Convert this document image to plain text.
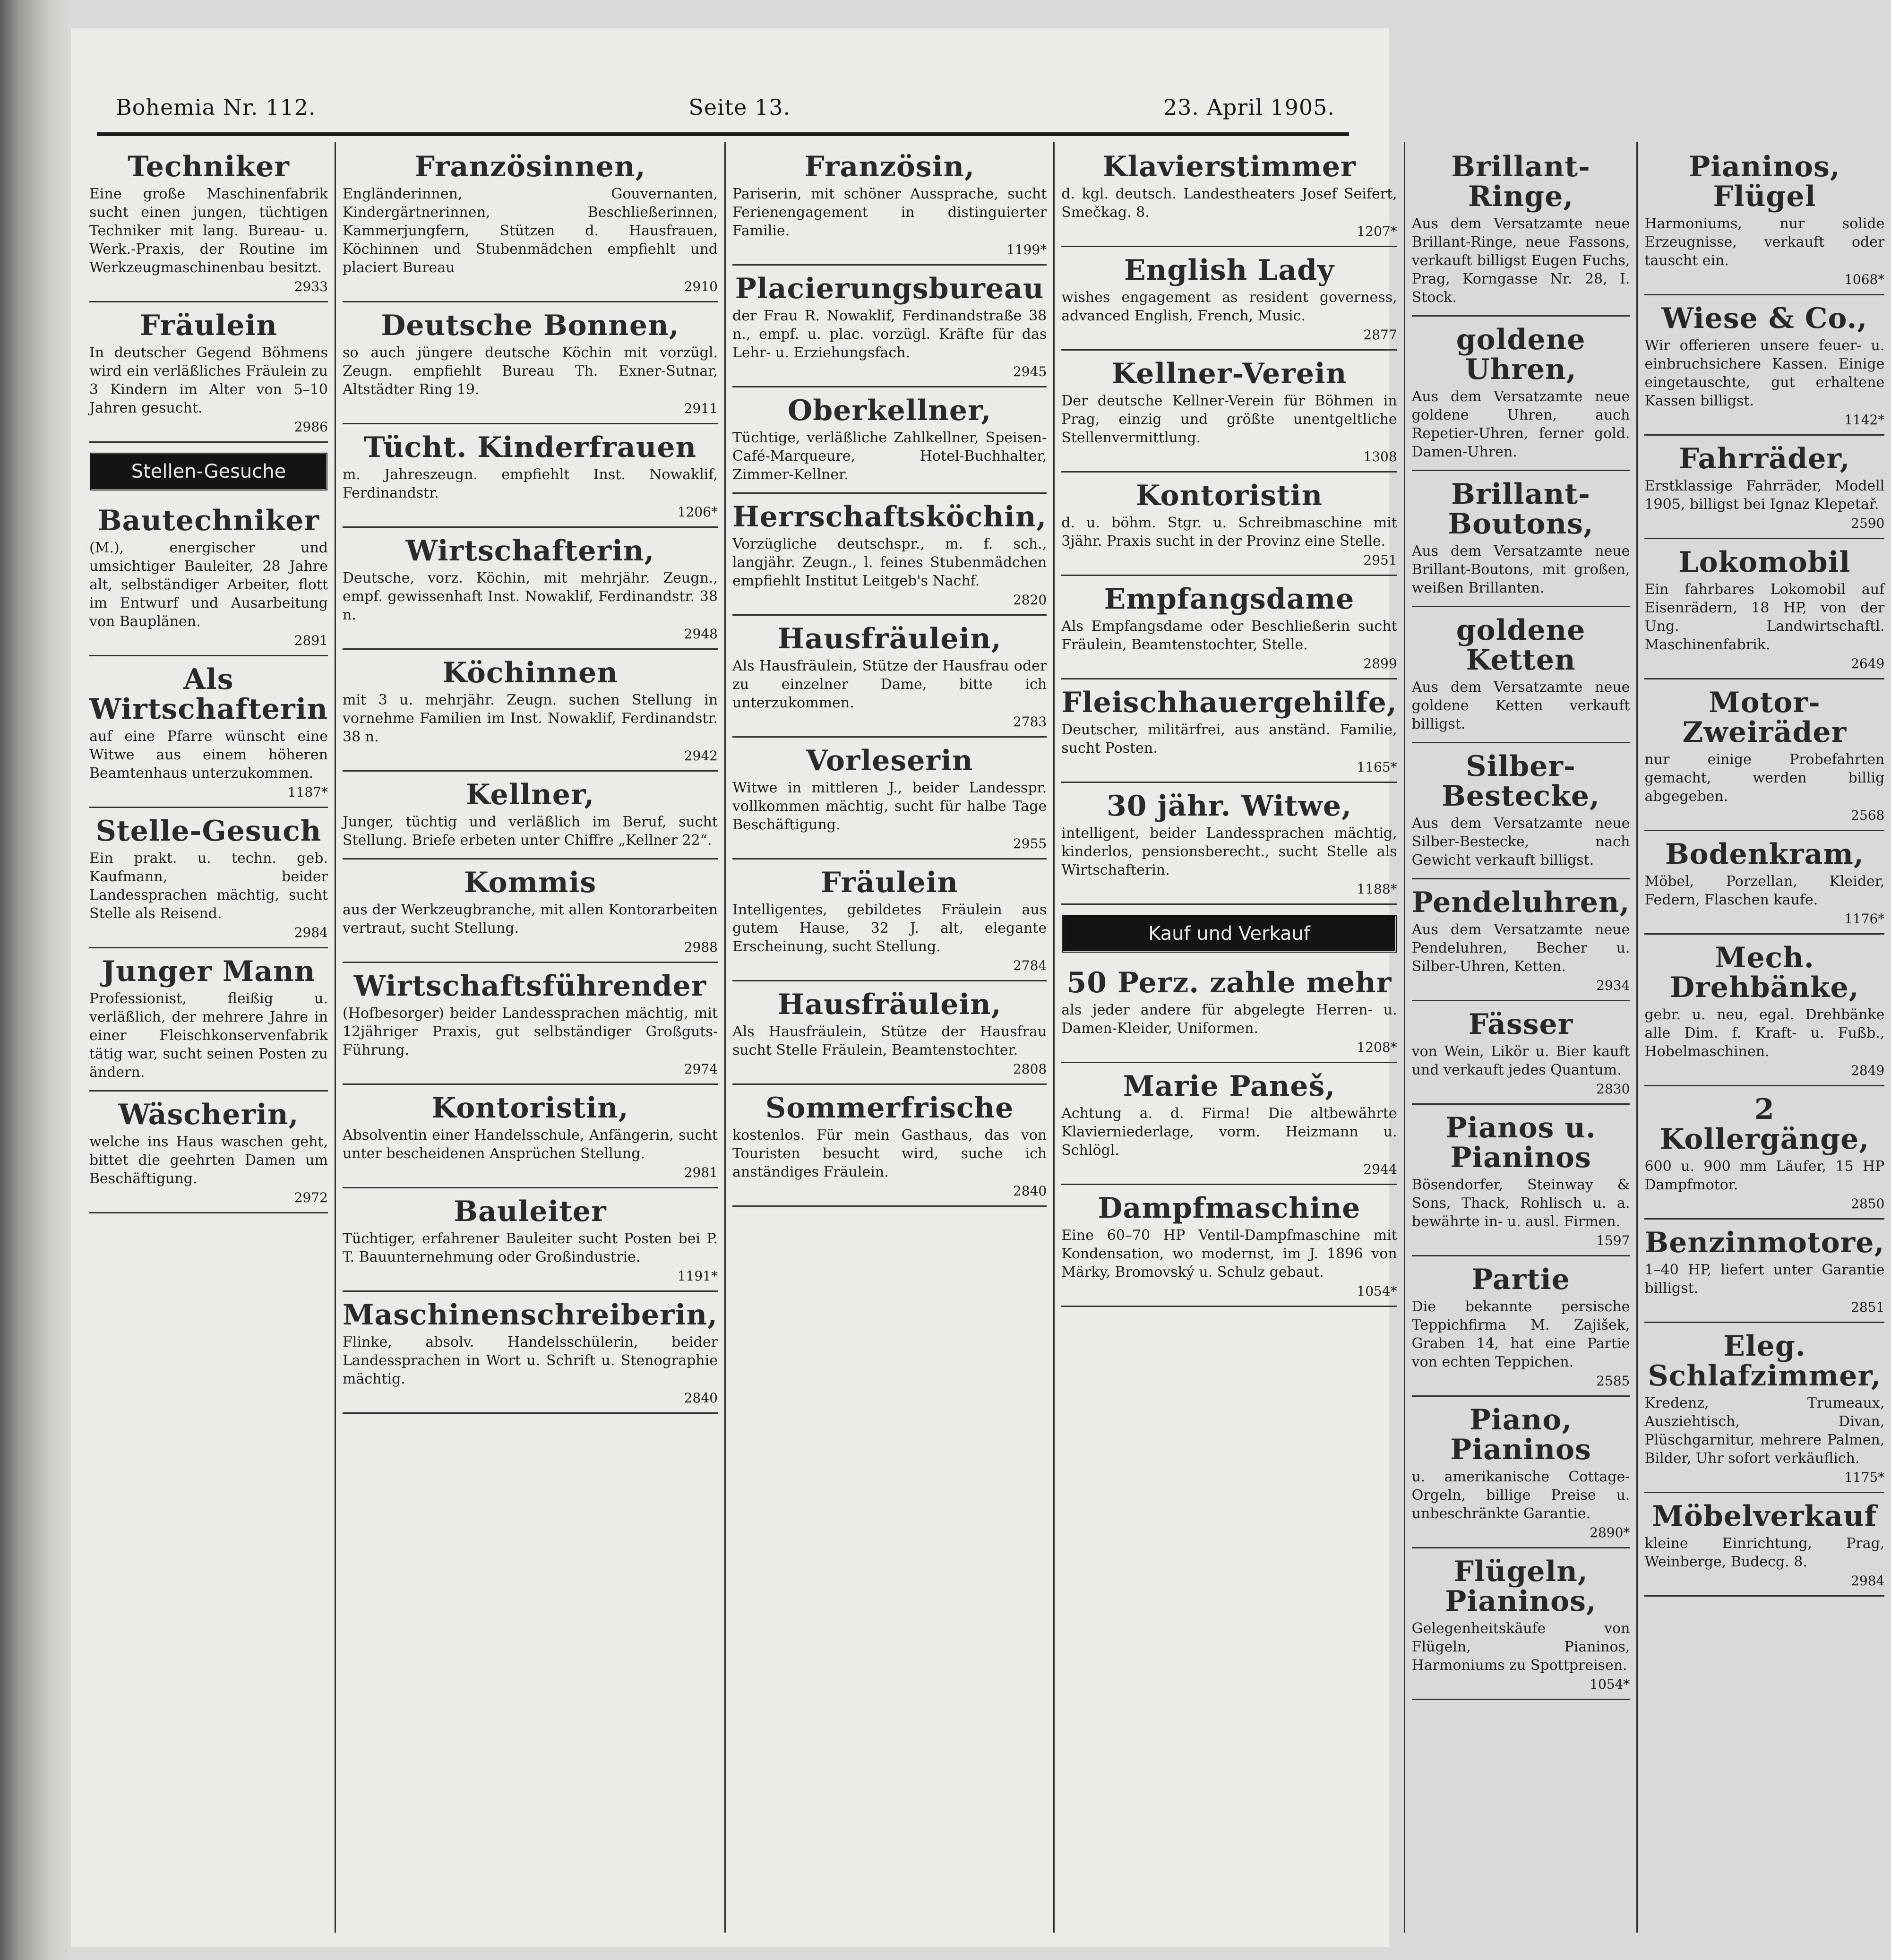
Bohemia Nr. 112.	Seite 13.	23. April 1905.
Techniker
Eine große Maschinenfabrik sucht einen jungen, tüchtigen Techniker mit lang. Bureau- u. Werk.-Praxis, der Routine im Werkzeugmaschinenbau besitzt.
2933
Fräulein
In deutscher Gegend Böhmens wird ein verläßliches Fräulein zu 3 Kindern im Alter von 5–10 Jahren gesucht.
2986
Stellen-Gesuche
Bautechniker
(M.), energischer und umsichtiger Bauleiter, 28 Jahre alt, selbständiger Arbeiter, flott im Entwurf und Ausarbeitung von Bauplänen.
2891
Als Wirtschafterin
auf eine Pfarre wünscht eine Witwe aus einem höheren Beamtenhaus unterzukommen.
1187*
Stelle-Gesuch
Ein prakt. u. techn. geb. Kaufmann, beider Landessprachen mächtig, sucht Stelle als Reisend.
2984
Junger Mann
Professionist, fleißig u. verläßlich, der mehrere Jahre in einer Fleischkonservenfabrik tätig war, sucht seinen Posten zu ändern.
Wäscherin,
welche ins Haus waschen geht, bittet die geehrten Damen um Beschäftigung.
2972
Französinnen,
Engländerinnen, Gouvernanten, Kindergärtnerinnen, Beschließerinnen, Kammerjungfern, Stützen d. Hausfrauen, Köchinnen und Stubenmädchen empfiehlt und placiert Bureau
2910
Deutsche Bonnen,
so auch jüngere deutsche Köchin mit vorzügl. Zeugn. empfiehlt Bureau Th. Exner-Sutnar, Altstädter Ring 19.
2911
Tücht. Kinderfrauen
m. Jahreszeugn. empfiehlt Inst. Nowaklif, Ferdinandstr.
1206*
Wirtschafterin,
Deutsche, vorz. Köchin, mit mehrjähr. Zeugn., empf. gewissenhaft Inst. Nowaklif, Ferdinandstr. 38 n.
2948
Köchinnen
mit 3 u. mehrjähr. Zeugn. suchen Stellung in vornehme Familien im Inst. Nowaklif, Ferdinandstr. 38 n.
2942
Kellner,
Junger, tüchtig und verläßlich im Beruf, sucht Stellung. Briefe erbeten unter Chiffre „Kellner 22“.
Kommis
aus der Werkzeugbranche, mit allen Kontorarbeiten vertraut, sucht Stellung.
2988
Wirtschaftsführender
(Hofbesorger) beider Landessprachen mächtig, mit 12jähriger Praxis, gut selbständiger Großguts-Führung.
2974
Kontoristin,
Absolventin einer Handelsschule, Anfängerin, sucht unter bescheidenen Ansprüchen Stellung.
2981
Bauleiter
Tüchtiger, erfahrener Bauleiter sucht Posten bei P. T. Bauunternehmung oder Großindustrie.
1191*
Maschinenschreiberin,
Flinke, absolv. Handelsschülerin, beider Landessprachen in Wort u. Schrift u. Stenographie mächtig.
2840
Französin,
Pariserin, mit schöner Aussprache, sucht Ferienengagement in distinguierter Familie.
1199*
Placierungsbureau
der Frau R. Nowaklif, Ferdinandstraße 38 n., empf. u. plac. vorzügl. Kräfte für das Lehr- u. Erziehungsfach.
2945
Oberkellner,
Tüchtige, verläßliche Zahlkellner, Speisen-Café-Marqueure, Hotel-Buchhalter, Zimmer-Kellner.
Herrschaftsköchin,
Vorzügliche deutschspr., m. f. sch., langjähr. Zeugn., l. feines Stubenmädchen empfiehlt Institut Leitgeb's Nachf.
2820
Hausfräulein,
Als Hausfräulein, Stütze der Hausfrau oder zu einzelner Dame, bitte ich unterzukommen.
2783
Vorleserin
Witwe in mittleren J., beider Landesspr. vollkommen mächtig, sucht für halbe Tage Beschäftigung.
2955
Fräulein
Intelligentes, gebildetes Fräulein aus gutem Hause, 32 J. alt, elegante Erscheinung, sucht Stellung.
2784
Hausfräulein,
Als Hausfräulein, Stütze der Hausfrau sucht Stelle Fräulein, Beamtenstochter.
2808
Sommerfrische
kostenlos. Für mein Gasthaus, das von Touristen besucht wird, suche ich anständiges Fräulein.
2840
Klavierstimmer
d. kgl. deutsch. Landestheaters Josef Seifert, Smečkag. 8.
1207*
English Lady
wishes engagement as resident governess, advanced English, French, Music.
2877
Kellner-Verein
Der deutsche Kellner-Verein für Böhmen in Prag, einzig und größte unentgeltliche Stellenvermittlung.
1308
Kontoristin
d. u. böhm. Stgr. u. Schreibmaschine mit 3jähr. Praxis sucht in der Provinz eine Stelle.
2951
Empfangsdame
Als Empfangsdame oder Beschließerin sucht Fräulein, Beamtenstochter, Stelle.
2899
Fleischhauergehilfe,
Deutscher, militärfrei, aus anständ. Familie, sucht Posten.
1165*
30 jähr. Witwe,
intelligent, beider Landessprachen mächtig, kinderlos, pensionsberecht., sucht Stelle als Wirtschafterin.
1188*
Kauf und Verkauf
50 Perz. zahle mehr
als jeder andere für abgelegte Herren- u. Damen-Kleider, Uniformen.
1208*
Marie Paneš,
Achtung a. d. Firma! Die altbewährte Klavierniederlage, vorm. Heizmann u. Schlögl.
2944
Dampfmaschine
Eine 60–70 HP Ventil-Dampfmaschine mit Kondensation, wo modernst, im J. 1896 von Märky, Bromovský u. Schulz gebaut.
1054*
Brillant-Ringe,
Aus dem Versatzamte neue Brillant-Ringe, neue Fassons, verkauft billigst Eugen Fuchs, Prag, Korngasse Nr. 28, I. Stock.
goldene Uhren,
Aus dem Versatzamte neue goldene Uhren, auch Repetier-Uhren, ferner gold. Damen-Uhren.
Brillant-Boutons,
Aus dem Versatzamte neue Brillant-Boutons, mit großen, weißen Brillanten.
goldene Ketten
Aus dem Versatzamte neue goldene Ketten verkauft billigst.
Silber-Bestecke,
Aus dem Versatzamte neue Silber-Bestecke, nach Gewicht verkauft billigst.
Pendeluhren,
Aus dem Versatzamte neue Pendeluhren, Becher u. Silber-Uhren, Ketten.
2934
Fässer
von Wein, Likör u. Bier kauft und verkauft jedes Quantum.
2830
Pianos u. Pianinos
Bösendorfer, Steinway & Sons, Thack, Rohlisch u. a. bewährte in- u. ausl. Firmen.
1597
Partie
Die bekannte persische Teppichfirma M. Zajišek, Graben 14, hat eine Partie von echten Teppichen.
2585
Piano, Pianinos
u. amerikanische Cottage-Orgeln, billige Preise u. unbeschränkte Garantie.
2890*
Flügeln, Pianinos,
Gelegenheitskäufe von Flügeln, Pianinos, Harmoniums zu Spottpreisen.
1054*
Pianinos, Flügel
Harmoniums, nur solide Erzeugnisse, verkauft oder tauscht ein.
1068*
Wiese & Co.,
Wir offerieren unsere feuer- u. einbruchsichere Kassen. Einige eingetauschte, gut erhaltene Kassen billigst.
1142*
Fahrräder,
Erstklassige Fahrräder, Modell 1905, billigst bei Ignaz Klepetař.
2590
Lokomobil
Ein fahrbares Lokomobil auf Eisenrädern, 18 HP, von der Ung. Landwirtschaftl. Maschinenfabrik.
2649
Motor-Zweiräder
nur einige Probefahrten gemacht, werden billig abgegeben.
2568
Bodenkram,
Möbel, Porzellan, Kleider, Federn, Flaschen kaufe.
1176*
Mech. Drehbänke,
gebr. u. neu, egal. Drehbänke alle Dim. f. Kraft- u. Fußb., Hobelmaschinen.
2849
2 Kollergänge,
600 u. 900 mm Läufer, 15 HP Dampfmotor.
2850
Benzinmotore,
1–40 HP, liefert unter Garantie billigst.
2851
Eleg. Schlafzimmer,
Kredenz, Trumeaux, Ausziehtisch, Divan, Plüschgarnitur, mehrere Palmen, Bilder, Uhr sofort verkäuflich.
1175*
Möbelverkauf
kleine Einrichtung, Prag, Weinberge, Budecg. 8.
2984
